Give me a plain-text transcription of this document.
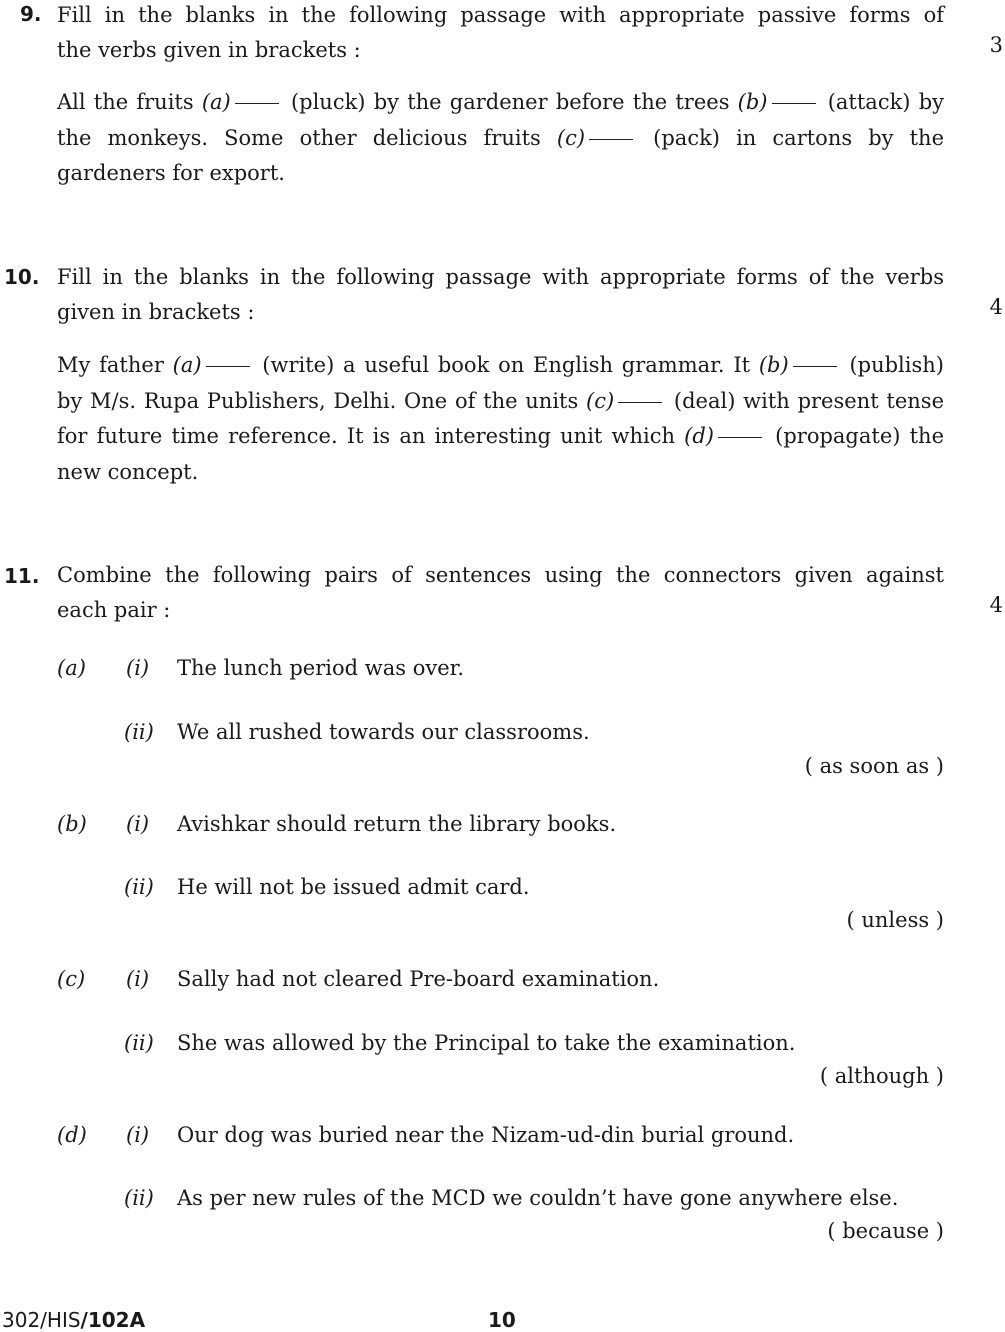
9. Fill in the blanks in the following passage with appropriate passive forms of
the verbs given in brackets :	3
All the fruits (a) (pluck) by the gardener before the trees (b) (attack) by the monkeys. Some other delicious fruits (c) (pack) in cartons by the gardeners for export.
10. Fill in the blanks in the following passage with appropriate forms of the verbs
given in brackets :	4
My father (a) (write) a useful book on English grammar. It (b) (publish) by M/s. Rupa Publishers, Delhi. One of the units (c) (deal) with present tense for future time reference. It is an interesting unit which (d) (propagate) the new concept.
11. Combine the following pairs of sentences using the connectors given against
each pair :	4
(a) (i) The lunch period was over.
(ii) We all rushed towards our classrooms.
( as soon as )
(b) (i) Avishkar should return the library books.
(ii) He will not be issued admit card.
( unless )
(c) (i) Sally had not cleared Pre-board examination.
(ii) She was allowed by the Principal to take the examination.
( although )
(d) (i) Our dog was buried near the Nizam-ud-din burial ground.
(ii) As per new rules of the MCD we couldn’t have gone anywhere else.
( because )
302/HIS/102A	10
